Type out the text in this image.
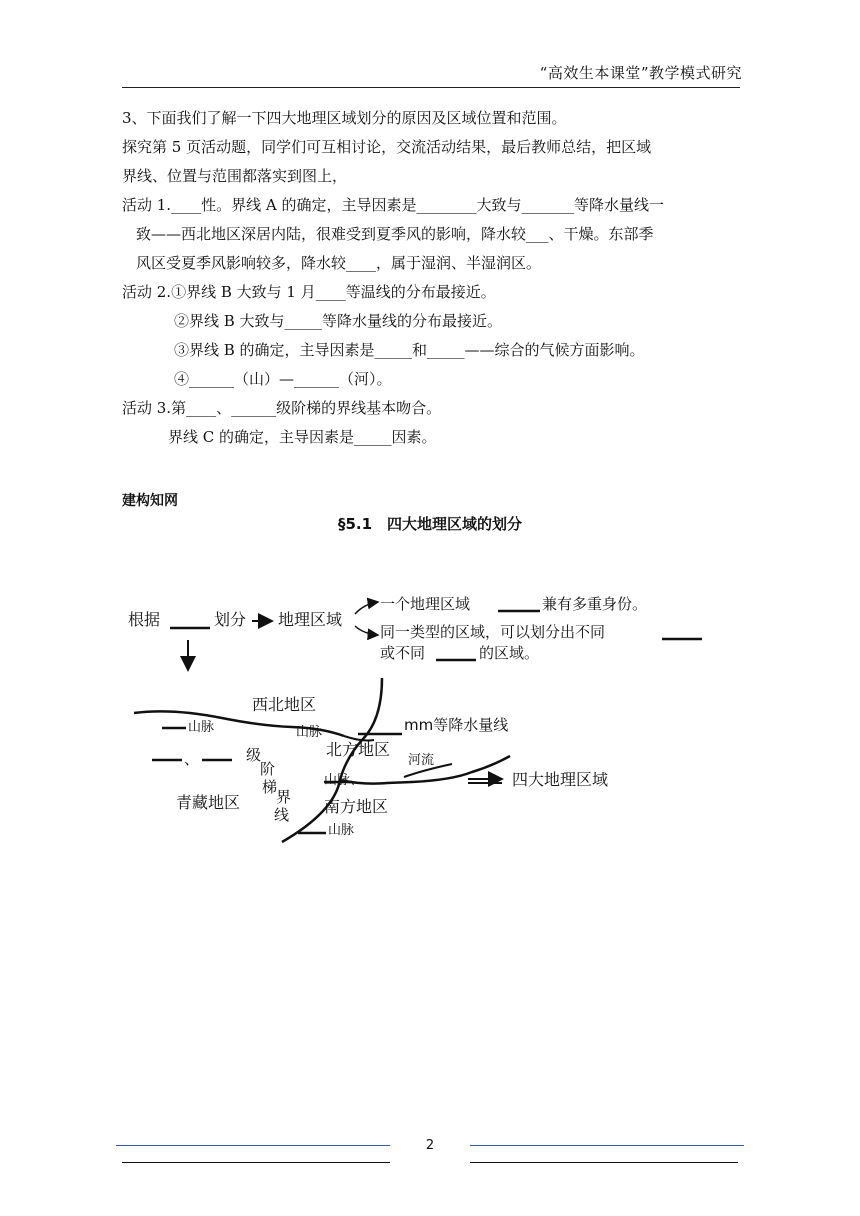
“高效生本课堂”教学模式研究

3、下面我们了解一下四大地理区域划分的原因及区域位置和范围。

探究第 5 页活动题，同学们可互相讨论，交流活动结果，最后教师总结，把区域

界线、位置与范围都落实到图上，

活动 1.____性。界线 A 的确定，主导因素是________大致与_______等降水量线一

致——西北地区深居内陆，很难受到夏季风的影响，降水较___、干燥。东部季

风区受夏季风影响较多，降水较____，属于湿润、半湿润区。

活动 2.①界线 B 大致与 1 月____等温线的分布最接近。

②界线 B 大致与_____等降水量线的分布最接近。

③界线 B 的确定，主导因素是_____和_____——综合的气候方面影响。

④______（山）—______（河）。

活动 3.第____、______级阶梯的界线基本吻合。

界线 C 的确定，主导因素是_____因素。

建构知网
§5.1　四大地理区域的划分
根据	划分 地理区域
一个地理区域	兼有多重身份。
同一类型的区域，可以划分出不同
或不同	的区域。
西北地区
山脉	山脉	mm等降水量线
北方地区
、	级
阶
梯
界
线
河流
山脉、	四大地理区域
青藏地区	南方地区
山脉
2
